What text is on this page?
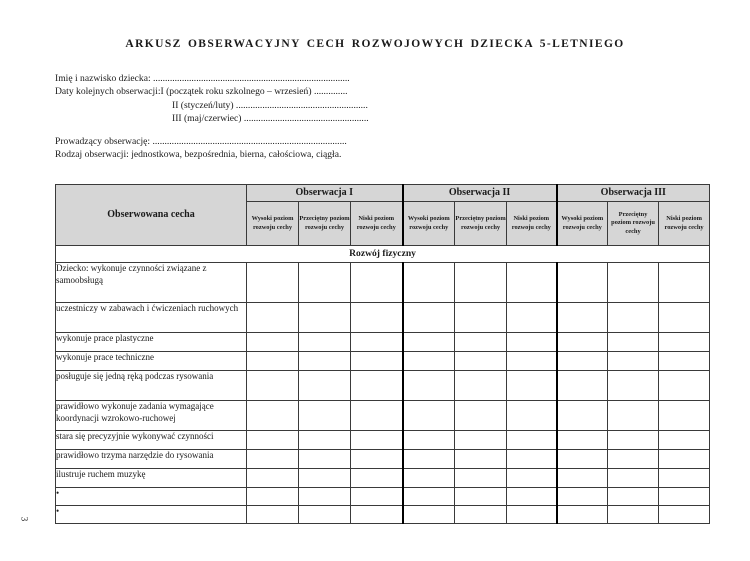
ARKUSZ OBSERWACYJNY CECH ROZWOJOWYCH DZIECKA 5-LETNIEGO
Imię i nazwisko dziecka: ..................................................................................
Daty kolejnych obserwacji:I (początek roku szkolnego – wrzesień) ..............
II (styczeń/luty) .......................................................
III (maj/czerwiec) ....................................................
Prowadzący obserwację: .................................................................................
Rodzaj obserwacji: jednostkowa, bezpośrednia, bierna, całościowa, ciągła.
3
Obserwowana cecha	Obserwacja I			Obserwacja II			Obserwacja III		
	Wysoki poziom rozwoju cechy	Przeciętny poziom rozwoju cechy	Niski poziom rozwoju cechy	Wysoki poziom rozwoju cechy	Przeciętny poziom rozwoju cechy	Niski poziom rozwoju cechy	Wysoki poziom rozwoju cechy	Przeciętny poziom rozwoju cechy	Niski poziom rozwoju cechy
Rozwój fizyczny									
Dziecko: wykonuje czynności związane z samoobsługą									
uczestniczy w zabawach i ćwiczeniach ruchowych									
wykonuje prace plastyczne									
wykonuje prace techniczne									
posługuje się jedną ręką podczas rysowania									
prawidłowo wykonuje zadania wymagające koordynacji wzrokowo-ruchowej									
stara się precyzyjnie wykonywać czynności									
prawidłowo trzyma narzędzie do rysowania									
ilustruje ruchem muzykę									
•									
•									
